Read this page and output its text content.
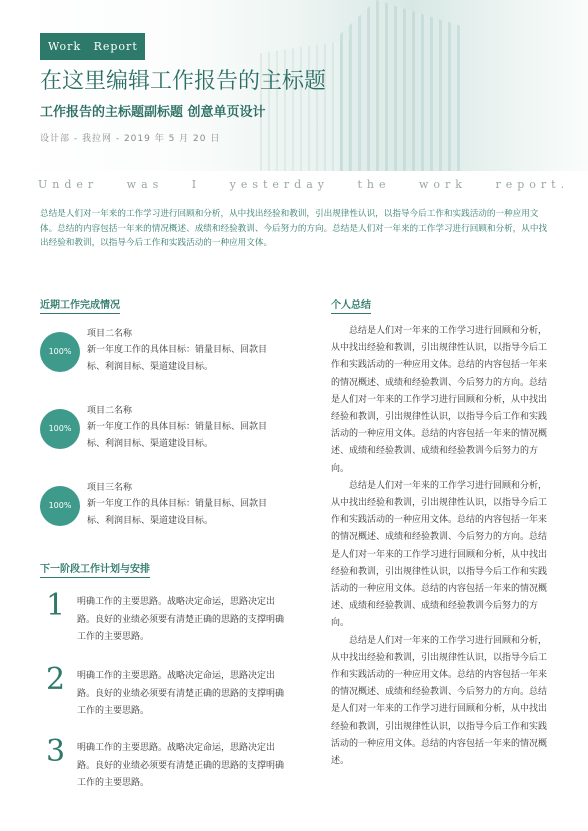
Work Report
在这里编辑工作报告的主标题
工作报告的主标题副标题 创意单页设计

设计部 - 我拉网 - 2019 年 5 月 20 日

Under was I yesterday the work report.

总结是人们对一年来的工作学习进行回顾和分析，从中找出经验和教训，引出规律性认识，以指导今后工作和实践活动的一种应用文体。总结的内容包括一年来的情况概述、成绩和经验教训、今后努力的方向。总结是人们对一年来的工作学习进行回顾和分析，从中找出经验和教训，以指导今后工作和实践活动的一种应用文体。

近期工作完成情况
100%
项目二名称
新一年度工作的具体目标：销量目标、回款目标、利润目标、渠道建设目标。
100%
项目二名称
新一年度工作的具体目标：销量目标、回款目标、利润目标、渠道建设目标。
100%
项目三名称
新一年度工作的具体目标：销量目标、回款目标、利润目标、渠道建设目标。
下一阶段工作计划与安排
1	明确工作的主要思路。战略决定命运，思路决定出路。良好的业绩必须要有清楚正确的思路的支撑明确工作的主要思路。
2	明确工作的主要思路。战略决定命运，思路决定出路。良好的业绩必须要有清楚正确的思路的支撑明确工作的主要思路。
3	明确工作的主要思路。战略决定命运，思路决定出路。良好的业绩必须要有清楚正确的思路的支撑明确工作的主要思路。
个人总结

总结是人们对一年来的工作学习进行回顾和分析，从中找出经验和教训，引出规律性认识，以指导今后工作和实践活动的一种应用文体。总结的内容包括一年来的情况概述、成绩和经验教训、今后努力的方向。总结是人们对一年来的工作学习进行回顾和分析，从中找出经验和教训，引出规律性认识，以指导今后工作和实践活动的一种应用文体。总结的内容包括一年来的情况概述、成绩和经验教训、成绩和经验教训今后努力的方向。

总结是人们对一年来的工作学习进行回顾和分析，从中找出经验和教训，引出规律性认识，以指导今后工作和实践活动的一种应用文体。总结的内容包括一年来的情况概述、成绩和经验教训、今后努力的方向。总结是人们对一年来的工作学习进行回顾和分析，从中找出经验和教训，引出规律性认识，以指导今后工作和实践活动的一种应用文体。总结的内容包括一年来的情况概述、成绩和经验教训、成绩和经验教训今后努力的方向。

总结是人们对一年来的工作学习进行回顾和分析，从中找出经验和教训，引出规律性认识，以指导今后工作和实践活动的一种应用文体。总结的内容包括一年来的情况概述、成绩和经验教训、今后努力的方向。总结是人们对一年来的工作学习进行回顾和分析，从中找出经验和教训，引出规律性认识，以指导今后工作和实践活动的一种应用文体。总结的内容包括一年来的情况概述。
